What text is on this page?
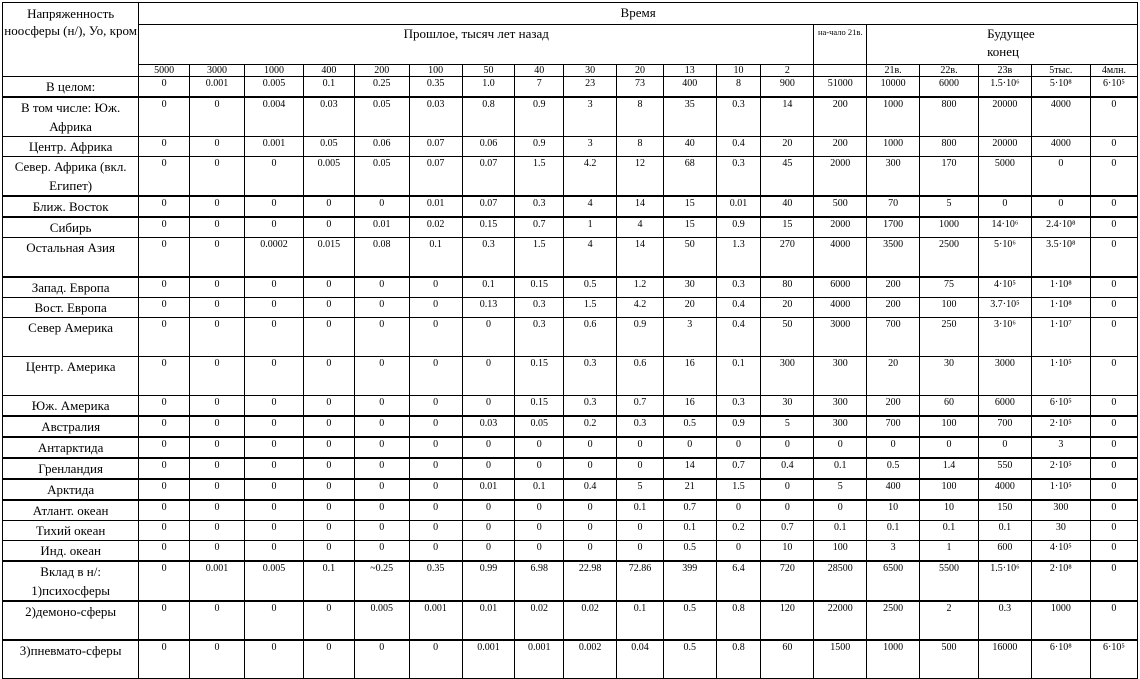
Напряженность ноосферы (н/), Уо, кром	Время																		
	Прошлое, тысяч лет назад													на-чало 21в.	Будущее конец				
	5000	3000	1000	400	200	100	50	40	30	20	13	10	2		21в.	22в.	23в	5тыс.	4млн.
В целом:	0	0.001	0.005	0.1	0.25	0.35	1.0	7	23	73	400	8	900	51000	10000	6000	1.5·10⁶	5·10⁸	6·10⁵
В том числе: Юж. Африка	0	0	0.004	0.03	0.05	0.03	0.8	0.9	3	8	35	0.3	14	200	1000	800	20000	4000	0
Центр. Африка	0	0	0.001	0.05	0.06	0.07	0.06	0.9	3	8	40	0.4	20	200	1000	800	20000	4000	0
Север. Африка (вкл. Египет)	0	0	0	0.005	0.05	0.07	0.07	1.5	4.2	12	68	0.3	45	2000	300	170	5000	0	0
Ближ. Восток	0	0	0	0	0	0.01	0.07	0.3	4	14	15	0.01	40	500	70	5	0	0	0
Сибирь	0	0	0	0	0.01	0.02	0.15	0.7	1	4	15	0.9	15	2000	1700	1000	14·10⁶	2.4·10⁸	0
Остальная Азия	0	0	0.0002	0.015	0.08	0.1	0.3	1.5	4	14	50	1.3	270	4000	3500	2500	5·10⁶	3.5·10⁸	0
Запад. Европа	0	0	0	0	0	0	0.1	0.15	0.5	1.2	30	0.3	80	6000	200	75	4·10⁵	1·10⁸	0
Вост. Европа	0	0	0	0	0	0	0.13	0.3	1.5	4.2	20	0.4	20	4000	200	100	3.7·10⁵	1·10⁸	0
Север Америка	0	0	0	0	0	0	0	0.3	0.6	0.9	3	0.4	50	3000	700	250	3·10⁶	1·10⁷	0
Центр. Америка	0	0	0	0	0	0	0	0.15	0.3	0.6	16	0.1	300	300	20	30	3000	1·10⁵	0
Юж. Америка	0	0	0	0	0	0	0	0.15	0.3	0.7	16	0.3	30	300	200	60	6000	6·10⁵	0
Австралия	0	0	0	0	0	0	0.03	0.05	0.2	0.3	0.5	0.9	5	300	700	100	700	2·10⁵	0
Антарктида	0	0	0	0	0	0	0	0	0	0	0	0	0	0	0	0	0	3	0
Гренландия	0	0	0	0	0	0	0	0	0	0	14	0.7	0.4	0.1	0.5	1.4	550	2·10⁵	0
Арктида	0	0	0	0	0	0	0.01	0.1	0.4	5	21	1.5	0	5	400	100	4000	1·10⁵	0
Атлант. океан	0	0	0	0	0	0	0	0	0	0.1	0.7	0	0	0	10	10	150	300	0
Тихий океан	0	0	0	0	0	0	0	0	0	0	0.1	0.2	0.7	0.1	0.1	0.1	0.1	30	0
Инд. океан	0	0	0	0	0	0	0	0	0	0	0.5	0	10	100	3	1	600	4·10⁵	0
Вклад в н/: 1)психосферы	0	0.001	0.005	0.1	~0.25	0.35	0.99	6.98	22.98	72.86	399	6.4	720	28500	6500	5500	1.5·10⁶	2·10⁸	0
2)демоно-сферы	0	0	0	0	0.005	0.001	0.01	0.02	0.02	0.1	0.5	0.8	120	22000	2500	2	0.3	1000	0
3)пневмато-сферы	0	0	0	0	0	0	0.001	0.001	0.002	0.04	0.5	0.8	60	1500	1000	500	16000	6·10⁸	6·10⁵
